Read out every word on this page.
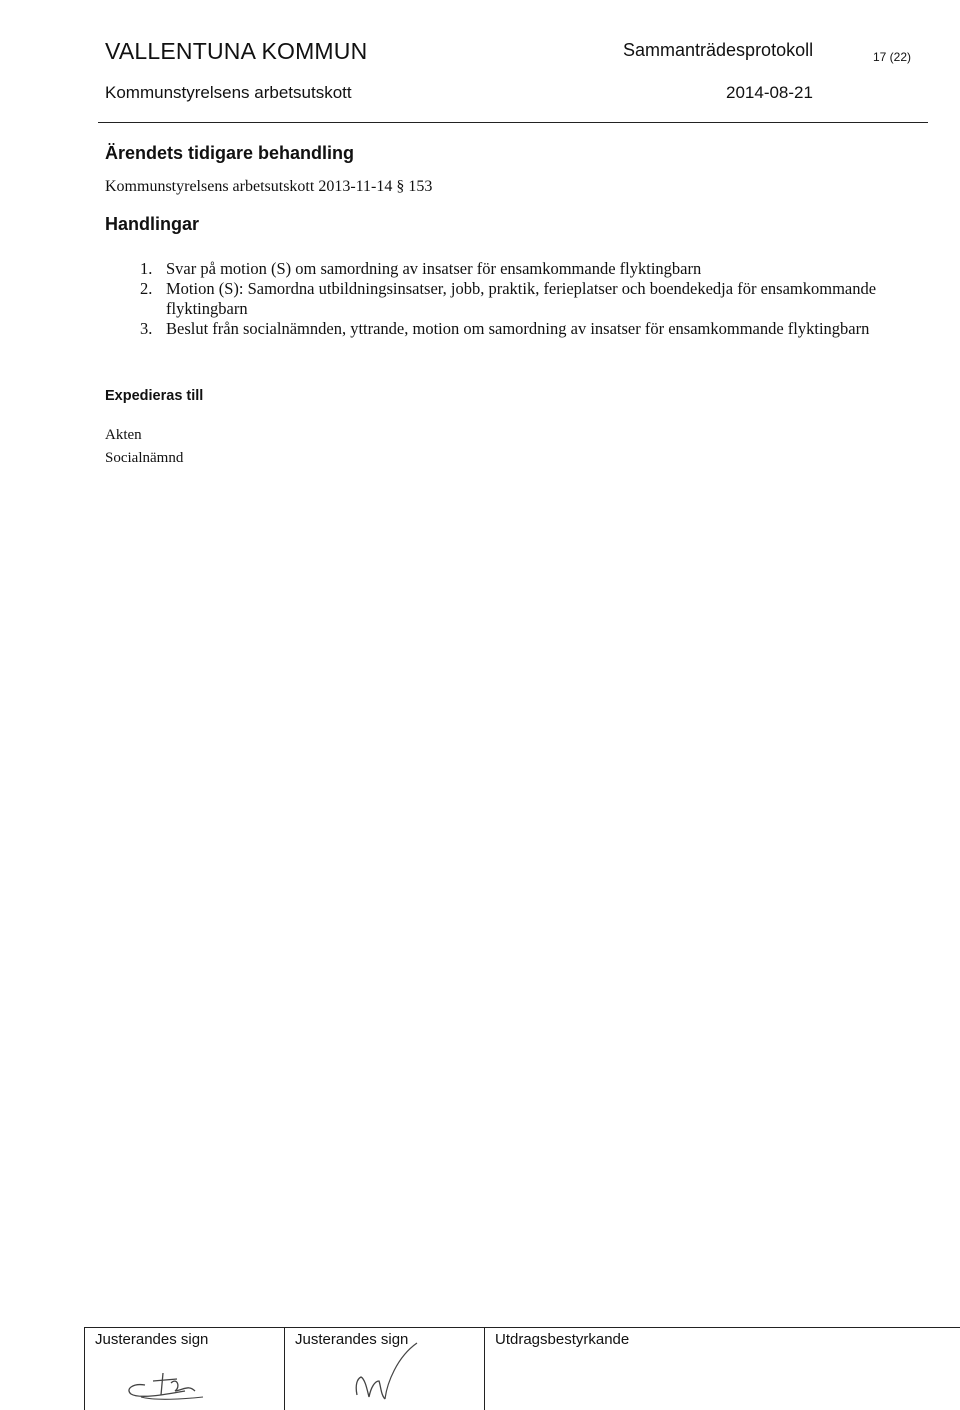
VALLENTUNA KOMMUN	Sammanträdesprotokoll	17 (22)
Kommunstyrelsens arbetsutskott	2014-08-21
Ärendets tidigare behandling
Kommunstyrelsens arbetsutskott 2013-11-14 § 153
Handlingar
1. Svar på motion (S) om samordning av insatser för ensamkommande flyktingbarn
2. Motion (S): Samordna utbildningsinsatser, jobb, praktik, ferieplatser och boendekedja för ensamkommande flyktingbarn
3. Beslut från socialnämnden, yttrande, motion om samordning av insatser för ensamkommande flyktingbarn
Expedieras till
Akten
Socialnämnd
Justerandes sign	Justerandes sign	Utdragsbestyrkande
